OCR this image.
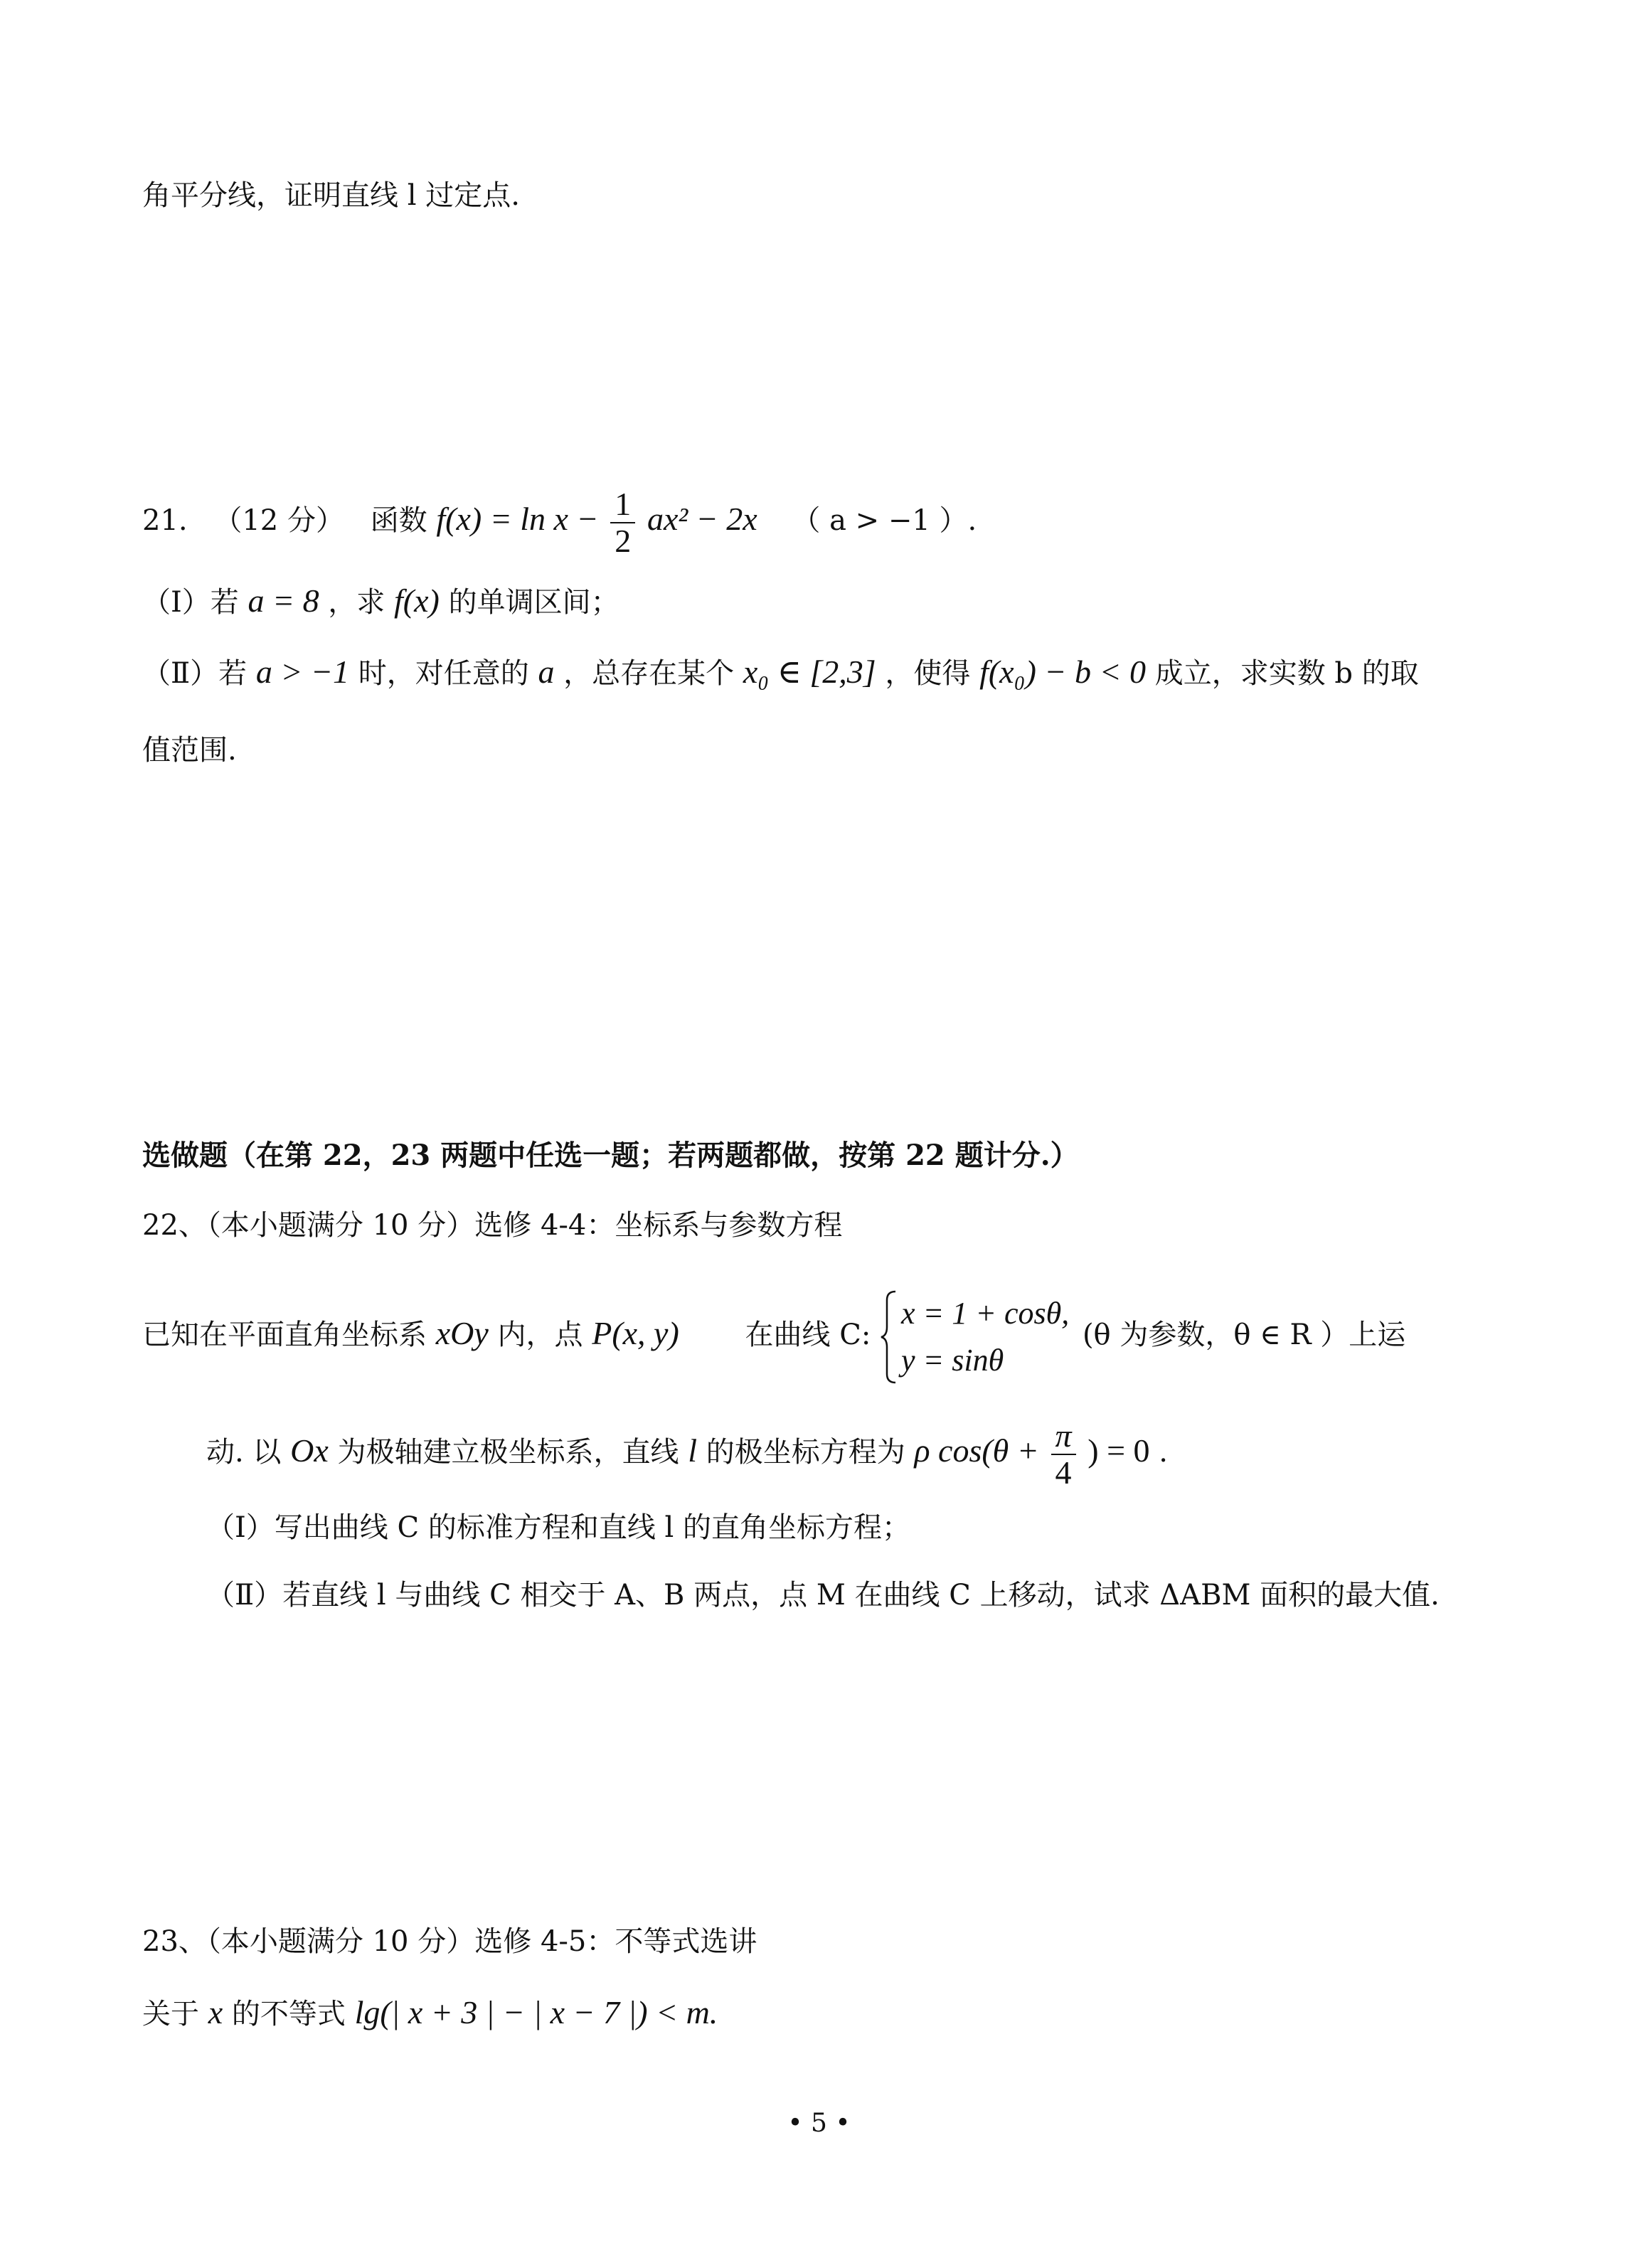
角平分线，证明直线 l 过定点.
21. （12 分） 函数 $f(x) = \ln x - \frac{1}{2} ax^2 - 2x$ （ a > −1 ）.
（Ⅰ）若 a = 8 ，求 f(x) 的单调区间；
（Ⅱ）若 a > −1 时，对任意的 a ，总存在某个 x₀ ∈ [2,3] ，使得 f(x₀) − b < 0 成立，求实数 b 的取
值范围.
选做题（在第 22，23 两题中任选一题；若两题都做，按第 22 题计分.）
22、（本小题满分 10 分）选修 4-4：坐标系与参数方程
已知在平面直角坐标系 xOy 内，点 P(x, y) 在曲线 C:
x = 1 + cosθ,
y = sinθ
(θ 为参数，θ ∈ R ）上运
动. 以 Ox 为极轴建立极坐标系，直线 l 的极坐标方程为 ρ $\cos(\theta + \frac{\pi}{4}$ ) = 0 .
（Ⅰ）写出曲线 C 的标准方程和直线 l 的直角坐标方程；
（Ⅱ）若直线 l 与曲线 C 相交于 A、B 两点，点 M 在曲线 C 上移动，试求 ΔABM 面积的最大值.
23、（本小题满分 10 分）选修 4-5：不等式选讲
关于 x 的不等式 lg(| x + 3 | − | x − 7 |) < m.
• 5 •
